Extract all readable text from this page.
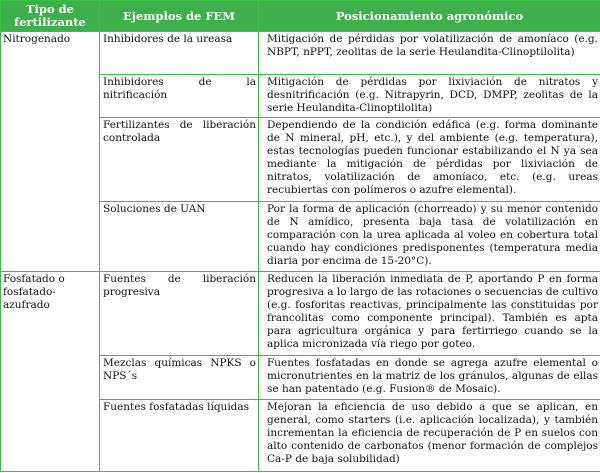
Tipo de fertilizante	Ejemplos de FEM	Posicionamiento agronómico
Nitrogenado	Inhibidores de la ureasa	Mitigación de pérdidas por volatilización de amoníaco (e.g. NBPT, nPPT, zeolitas de la serie Heulandita-Clinoptilolita)
	Inhibidores de la nitrificación	Mitigación de pérdidas por lixiviación de nitratos y desnitrificación (e.g. Nitrapyrin, DCD, DMPP, zeolitas de la serie Heulandita-Clinoptilolita)
	Fertilizantes de liberación controlada	Dependiendo de la condición edáfica (e.g. forma dominante de N mineral, pH, etc.), y del ambiente (e.g. temperatura), estas tecnologías pueden funcionar estabilizando el N ya sea mediante la mitigación de pérdidas por lixiviación de nitratos, volatilización de amoníaco, etc. (e.g. ureas recubiertas con polímeros o azufre elemental).
	Soluciones de UAN	Por la forma de aplicación (chorreado) y su menor contenido de N amídico, presenta baja tasa de volatilización en comparación con la urea aplicada al voleo en cobertura total cuando hay condiciones predisponentes (temperatura media diaria por encima de 15-20°C).
Fosfatado o fosfatado-azufrado	Fuentes de liberación progresiva	Reducen la liberación inmediata de P, aportando P en forma progresiva a lo largo de las rotaciones o secuencias de cultivo (e.g. fosforitas reactivas, principalmente las constituidas por francolitas como componente principal). También es apta para agricultura orgánica y para fertirriego cuando se la aplica micronizada vía riego por goteo.
	Mezclas químicas NPKS o NPS´s	Fuentes fosfatadas en donde se agrega azufre elemental o micronutrientes en la matriz de los gránulos, algunas de ellas se han patentado (e.g. Fusion® de Mosaic).
	Fuentes fosfatadas líquidas	Mejoran la eficiencia de uso debido a que se aplican, en general, como starters (i.e. aplicación localizada), y también incrementan la eficiencia de recuperación de P en suelos con alto contenido de carbonatos (menor formación de complejos Ca-P de baja solubilidad)
